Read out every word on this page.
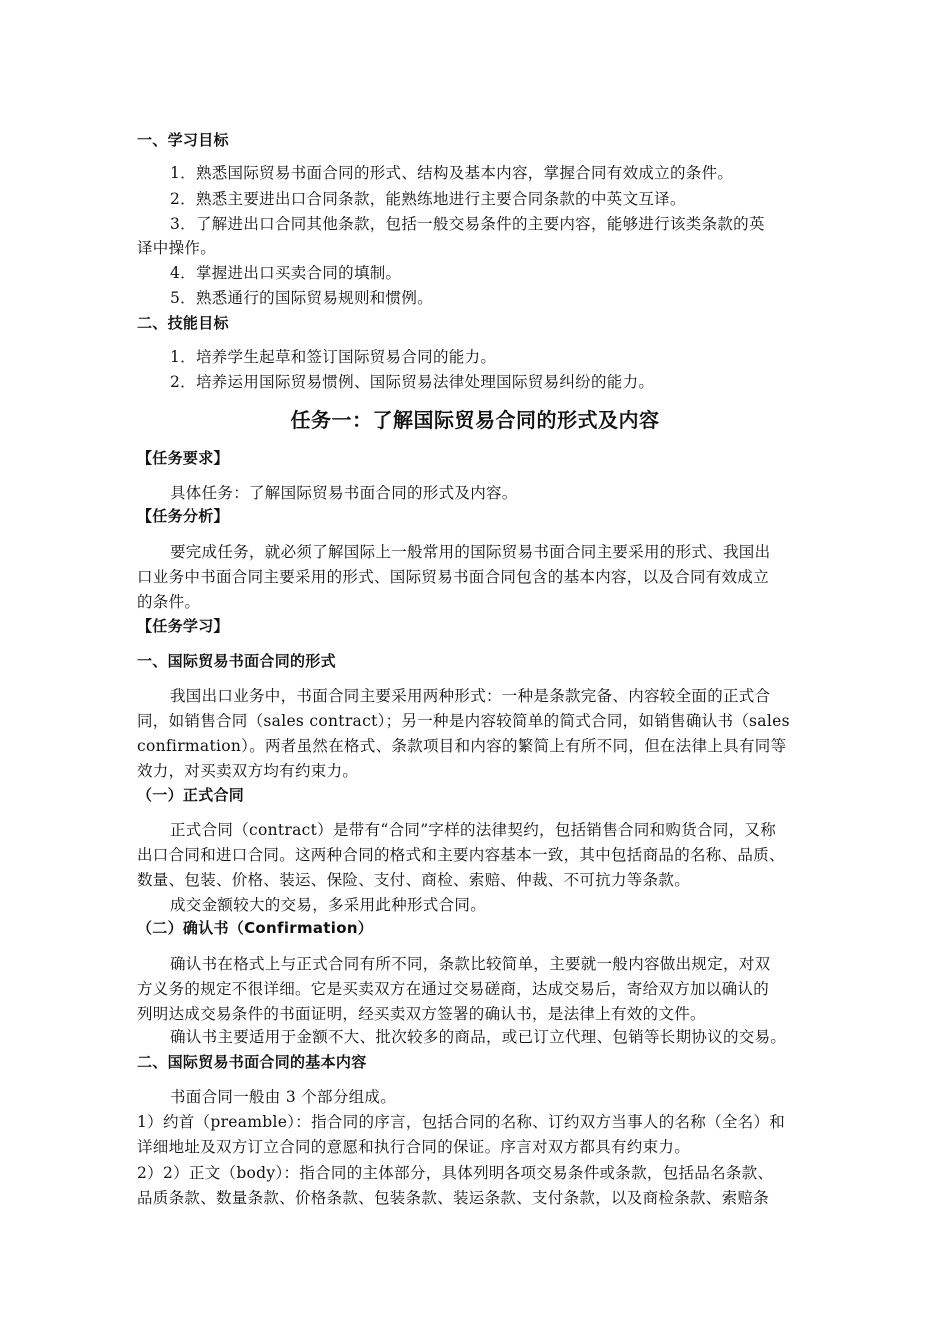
一、学习目标
1．熟悉国际贸易书面合同的形式、结构及基本内容，掌握合同有效成立的条件。
2．熟悉主要进出口合同条款，能熟练地进行主要合同条款的中英文互译。
3．了解进出口合同其他条款，包括一般交易条件的主要内容，能够进行该类条款的英
译中操作。
4．掌握进出口买卖合同的填制。
5．熟悉通行的国际贸易规则和惯例。
二、技能目标
1．培养学生起草和签订国际贸易合同的能力。
2．培养运用国际贸易惯例、国际贸易法律处理国际贸易纠纷的能力。
任务一：了解国际贸易合同的形式及内容
【任务要求】
具体任务：了解国际贸易书面合同的形式及内容。
【任务分析】
要完成任务，就必须了解国际上一般常用的国际贸易书面合同主要采用的形式、我国出
口业务中书面合同主要采用的形式、国际贸易书面合同包含的基本内容，以及合同有效成立
的条件。
【任务学习】
一、国际贸易书面合同的形式
我国出口业务中，书面合同主要采用两种形式：一种是条款完备、内容较全面的正式合
同，如销售合同（sales contract）；另一种是内容较简单的简式合同，如销售确认书（sales
confirmation）。两者虽然在格式、条款项目和内容的繁简上有所不同，但在法律上具有同等
效力，对买卖双方均有约束力。
（一）正式合同
正式合同（contract）是带有“合同”字样的法律契约，包括销售合同和购货合同，又称
出口合同和进口合同。这两种合同的格式和主要内容基本一致，其中包括商品的名称、品质、
数量、包装、价格、装运、保险、支付、商检、索赔、仲裁、不可抗力等条款。
成交金额较大的交易，多采用此种形式合同。
（二）确认书（Confirmation）
确认书在格式上与正式合同有所不同，条款比较简单，主要就一般内容做出规定，对双
方义务的规定不很详细。它是买卖双方在通过交易磋商，达成交易后，寄给双方加以确认的
列明达成交易条件的书面证明，经买卖双方签署的确认书，是法律上有效的文件。
确认书主要适用于金额不大、批次较多的商品，或已订立代理、包销等长期协议的交易。
二、国际贸易书面合同的基本内容
书面合同一般由 3 个部分组成。
1）约首（preamble）：指合同的序言，包括合同的名称、订约双方当事人的名称（全名）和
详细地址及双方订立合同的意愿和执行合同的保证。序言对双方都具有约束力。
2）2）正文（body）：指合同的主体部分，具体列明各项交易条件或条款，包括品名条款、
品质条款、数量条款、价格条款、包装条款、装运条款、支付条款，以及商检条款、索赔条
